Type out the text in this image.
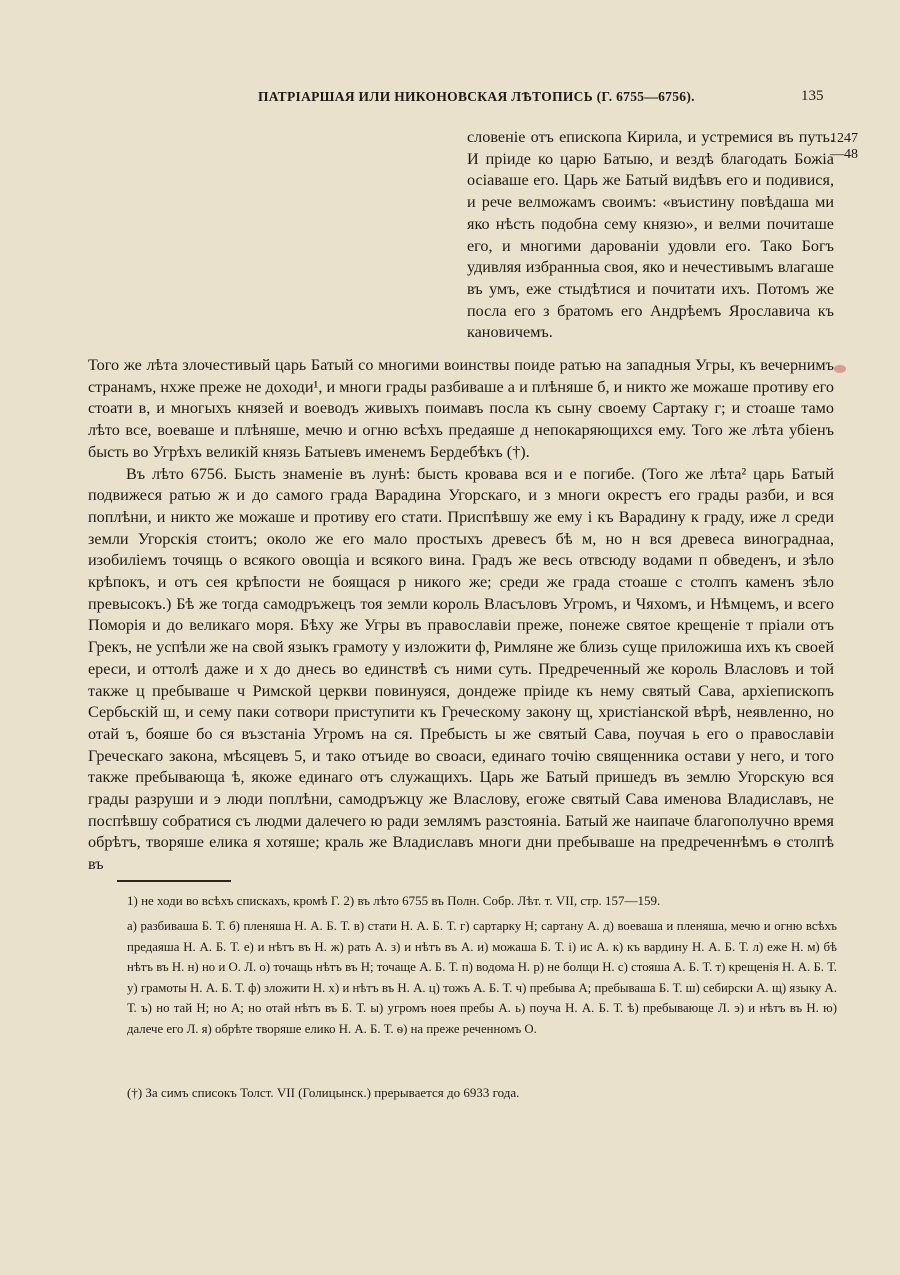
ПАТРІАРШАЯ ИЛИ НИКОНОВСКАЯ ЛѢТОПИСЬ (Г. 6755—6756).	135
1247
—48
словеніе отъ епископа Кирила, и устремися въ путь. И пріиде ко царю Батыю, и вездѣ благодать Божіа осіаваше его. Царь же Батый видѣвъ его и подивися, и рече велможамъ своимъ: «въистину повѣдаша ми яко нѣсть подобна сему князю», и велми почиташе его, и многими дарованіи удовли его. Тако Богъ удивляя избранныа своя, яко и нечестивымъ влагаше въ умъ, еже стыдѣтися и почитати ихъ. Потомъ же посла его з братомъ его Андрѣемъ Ярославича къ кановичемъ.

Того же лѣта злочестивый царь Батый со многими воинствы поиде ратью на западныя Угры, къ вечернимъ странамъ, нхже преже не доходи¹, и многи грады разбиваше а и плѣняше б, и никто же можаше противу его стоати в, и многыхъ князей и воеводъ живыхъ поимавъ посла къ сыну своему Сартаку г; и стоаше тамо лѣто все, воеваше и плѣняше, мечю и огню всѣхъ предаяше д непокаряющихся ему. Того же лѣта убіенъ бысть во Угрѣхъ великій князь Батыевъ именемъ Бердебѣкъ (†).

Въ лѣто 6756. Бысть знаменіе въ лунѣ: бысть кровава вся и е погибе. (Того же лѣта² царь Батый подвижеся ратью ж и до самого града Варадина Угорскаго, и з многи окрестъ его грады разби, и вся поплѣни, и никто же можаше и противу его стати. Приспѣвшу же ему і къ Варадину к граду, иже л среди земли Угорскія стоитъ; около же его мало простыхъ древесъ бѣ м, но н вся древеса винограднаа, изобиліемъ точящь о всякого овощіа и всякого вина. Градъ же весь отвсюду водами п обведенъ, и зѣло крѣпокъ, и отъ сея крѣпости не боящася р никого же; среди же града стоаше с столпъ каменъ зѣло превысокъ.) Бѣ же тогда самодръжецъ тоя земли король Власъловъ Угромъ, и Чяхомъ, и Нѣмцемъ, и всего Поморія и до великаго моря. Бѣху же Угры въ православіи преже, понеже святое крещеніе т пріали отъ Грекъ, не успѣли же на свой языкъ грамоту у изложити ф, Римляне же близь суще приложиша ихъ къ своей ереси, и оттолѣ даже и х до днесь во единствѣ съ ними суть. Предреченный же король Власловъ и той также ц пребываше ч Римской церкви повинуяся, дондеже пріиде къ нему святый Сава, архіепископъ Сербьскій ш, и сему паки сотвори приступити къ Греческому закону щ, христіанской вѣрѣ, неявленно, но отай ъ, бояше бо ся възстаніа Угромъ на ся. Пребысть ы же святый Сава, поучая ь его о православіи Греческаго закона, мѣсяцевъ 5, и тако отъиде во своаси, единаго точію священника остави у него, и того также пребывающа ѣ, якоже единаго отъ служащихъ. Царь же Батый пришедъ въ землю Угорскую вся грады разруши и э люди поплѣни, самодръжцу же Власлову, егоже святый Сава именова Владиславъ, не поспѣвшу собратися съ людми далечего ю ради землямъ разстояніа. Батый же наипаче благополучно время обрѣтъ, творяше елика я хотяше; краль же Владиславъ многи дни пребываше на предреченнѣмъ ѳ столпѣ въ

1) не ходи во всѣхъ спискахъ, кромѣ Г. 2) въ лѣто 6755 въ Полн. Собр. Лѣт. т. VII, стр. 157—159.
а) разбиваша Б. Т. б) пленяша Н. А. Б. Т. в) стати Н. А. Б. Т. г) сартарку Н; сартану А. д) воеваша и пленяша, мечю и огню всѣхъ предаяша Н. А. Б. Т. е) и нѣтъ въ Н. ж) рать А. з) и нѣтъ въ А. и) можаша Б. Т. і) ис А. к) къ вардину Н. А. Б. Т. л) еже Н. м) бѣ нѣтъ въ Н. н) но и О. Л. о) точащь нѣтъ въ Н; точаще А. Б. Т. п) водома Н. р) не болщи Н. с) стояша А. Б. Т. т) крещенія Н. А. Б. Т. у) грамоты Н. А. Б. Т. ф) зложити Н. х) и нѣтъ въ Н. А. ц) тожъ А. Б. Т. ч) пребыва А; пребываша Б. Т. ш) себирски А. щ) языку А. Т. ъ) но тай Н; но А; но отай нѣтъ въ Б. Т. ы) угромъ ноея пребы А. ь) поуча Н. А. Б. Т. ѣ) пребывающе Л. э) и нѣтъ въ Н. ю) далече его Л. я) обрѣте творяше елико Н. А. Б. Т. ѳ) на преже реченномъ О.
(†) За симъ списокъ Толст. VII (Голицынск.) прерывается до 6933 года.
